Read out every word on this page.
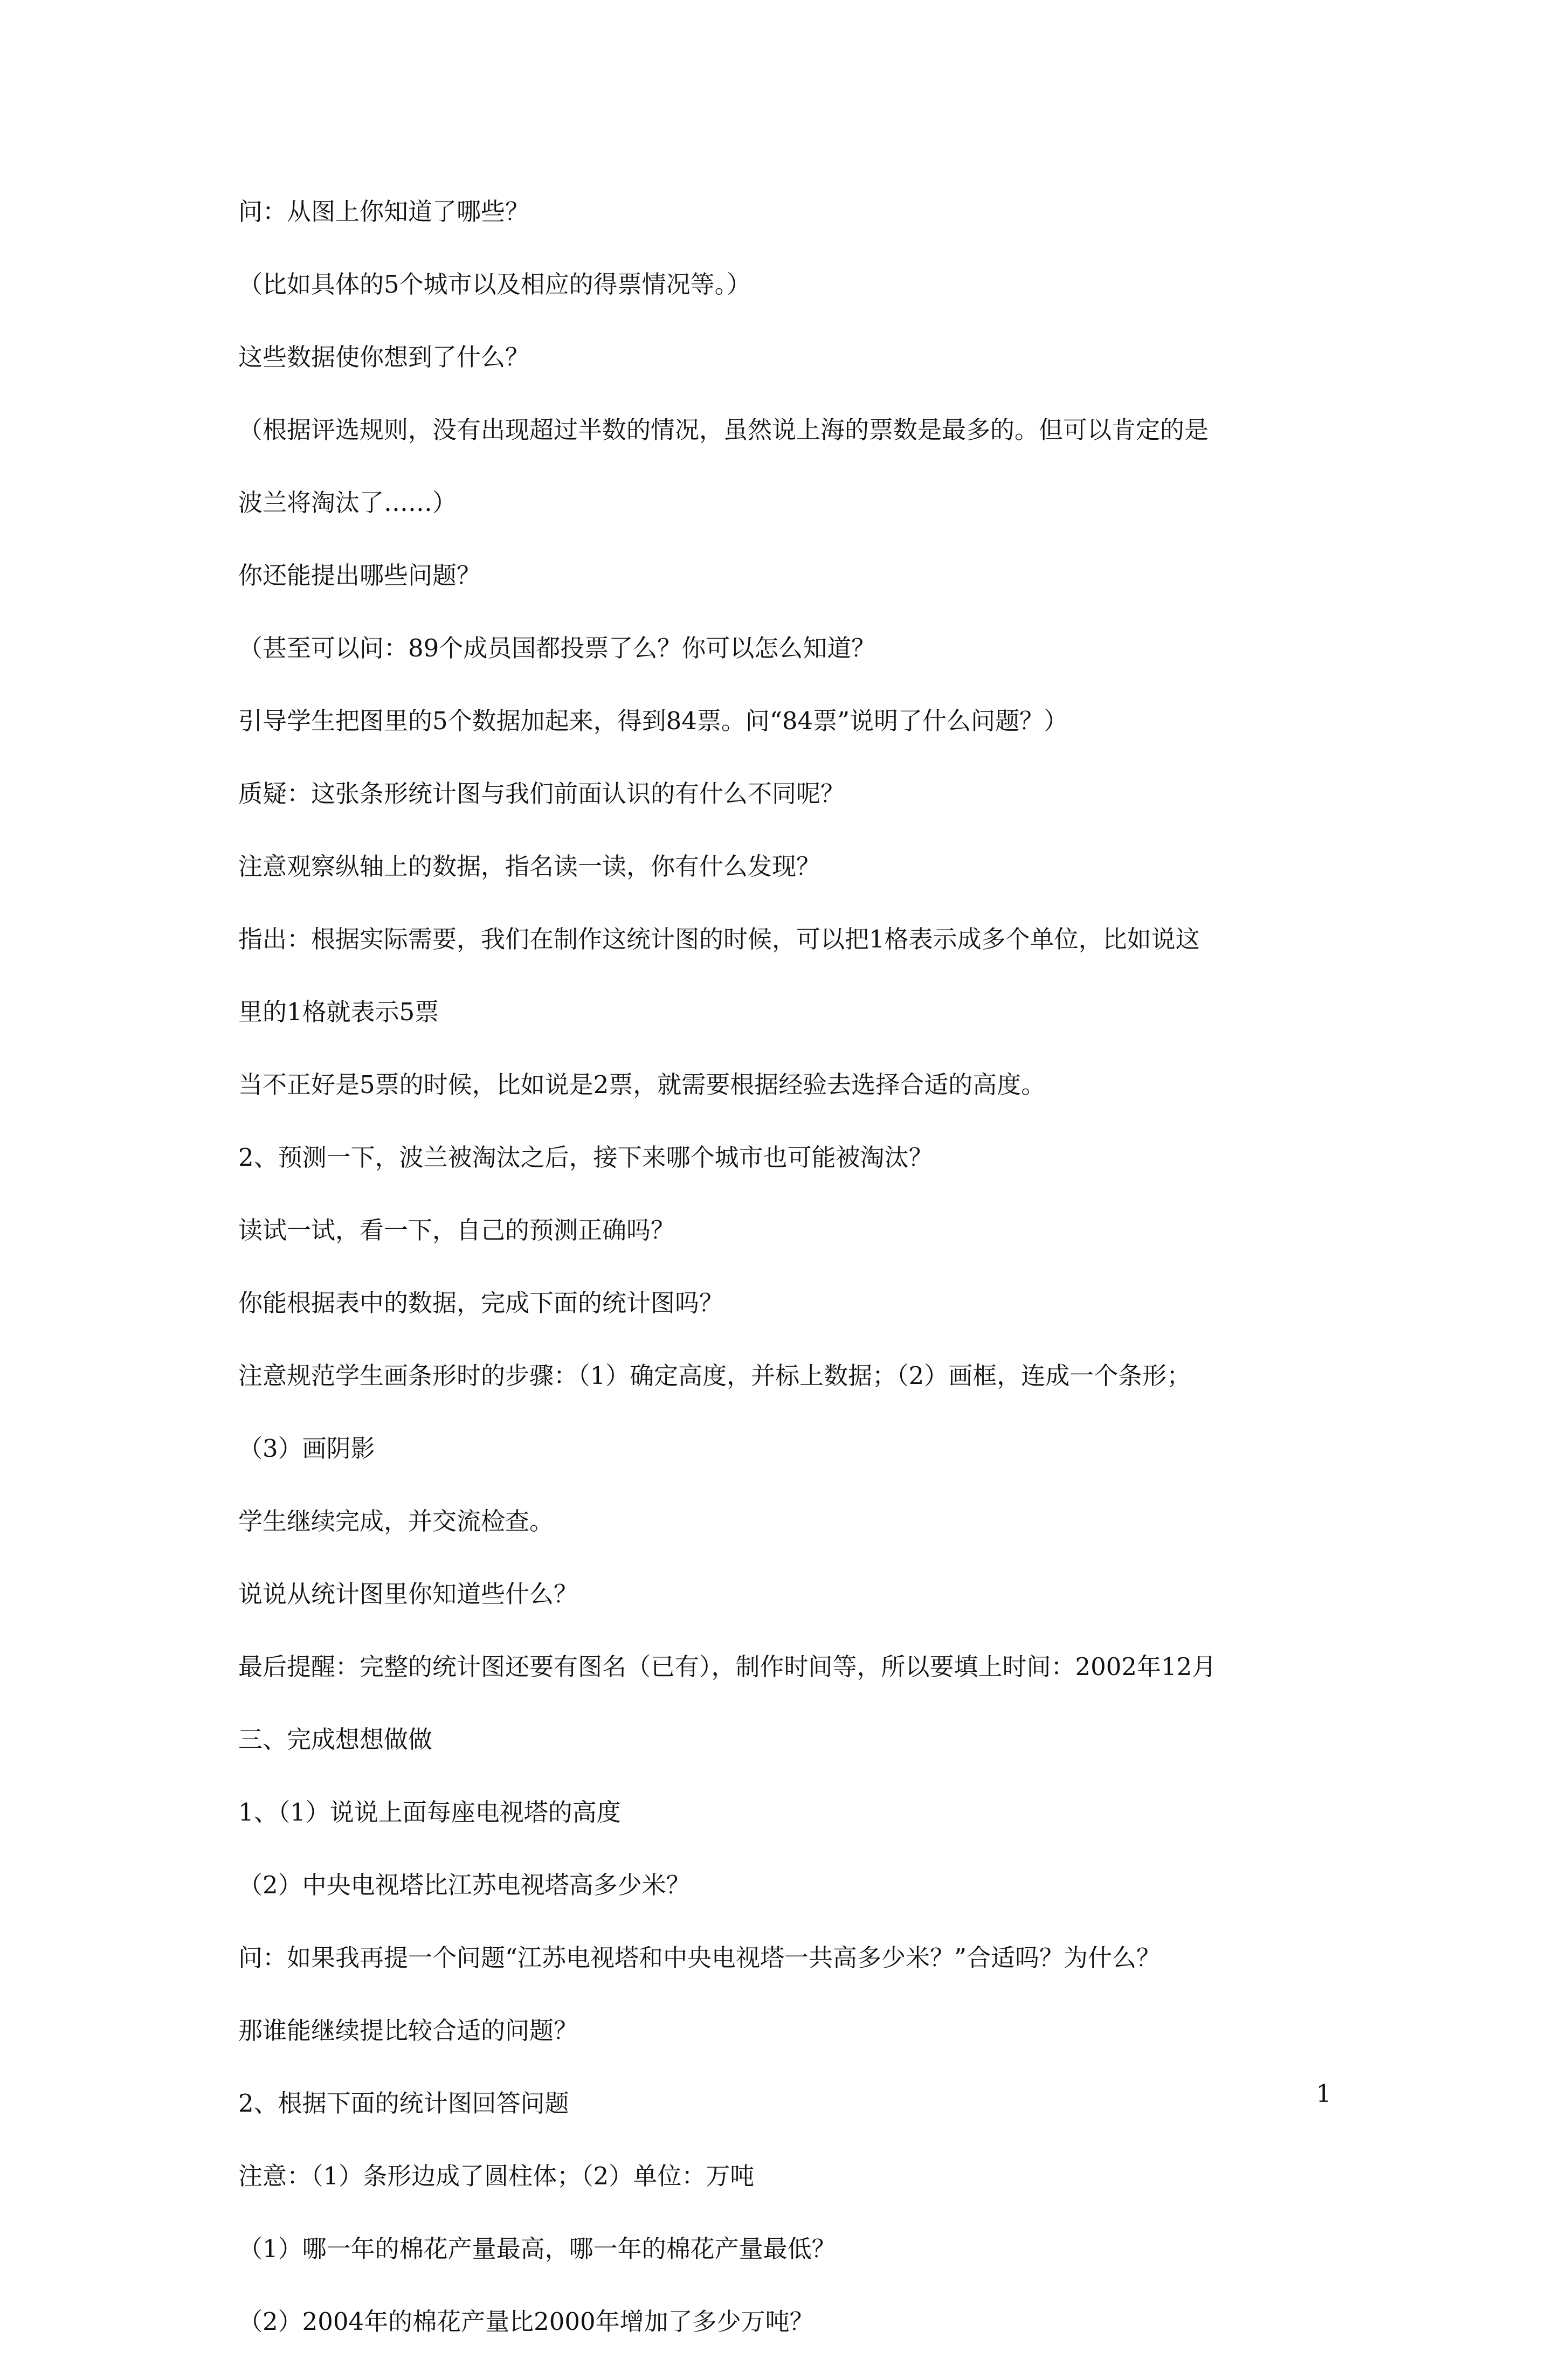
问：从图上你知道了哪些？
（比如具体的5个城市以及相应的得票情况等。）
这些数据使你想到了什么？
（根据评选规则，没有出现超过半数的情况，虽然说上海的票数是最多的。但可以肯定的是
波兰将淘汰了……）
你还能提出哪些问题？
（甚至可以问：89个成员国都投票了么？你可以怎么知道？
引导学生把图里的5个数据加起来，得到84票。问“84票”说明了什么问题？）
质疑：这张条形统计图与我们前面认识的有什么不同呢？
注意观察纵轴上的数据，指名读一读，你有什么发现？
指出：根据实际需要，我们在制作这统计图的时候，可以把1格表示成多个单位，比如说这
里的1格就表示5票
当不正好是5票的时候，比如说是2票，就需要根据经验去选择合适的高度。
2、预测一下，波兰被淘汰之后，接下来哪个城市也可能被淘汰？
读试一试，看一下，自己的预测正确吗？
你能根据表中的数据，完成下面的统计图吗？
注意规范学生画条形时的步骤：（1）确定高度，并标上数据；（2）画框，连成一个条形；
（3）画阴影
学生继续完成，并交流检查。
说说从统计图里你知道些什么？
最后提醒：完整的统计图还要有图名（已有），制作时间等，所以要填上时间：2002年12月
三、完成想想做做
1、（1）说说上面每座电视塔的高度
（2）中央电视塔比江苏电视塔高多少米？
问：如果我再提一个问题“江苏电视塔和中央电视塔一共高多少米？”合适吗？为什么？
那谁能继续提比较合适的问题？
2、根据下面的统计图回答问题
注意：（1）条形边成了圆柱体；（2）单位：万吨
（1）哪一年的棉花产量最高，哪一年的棉花产量最低？
（2）2004年的棉花产量比2000年增加了多少万吨？
1
